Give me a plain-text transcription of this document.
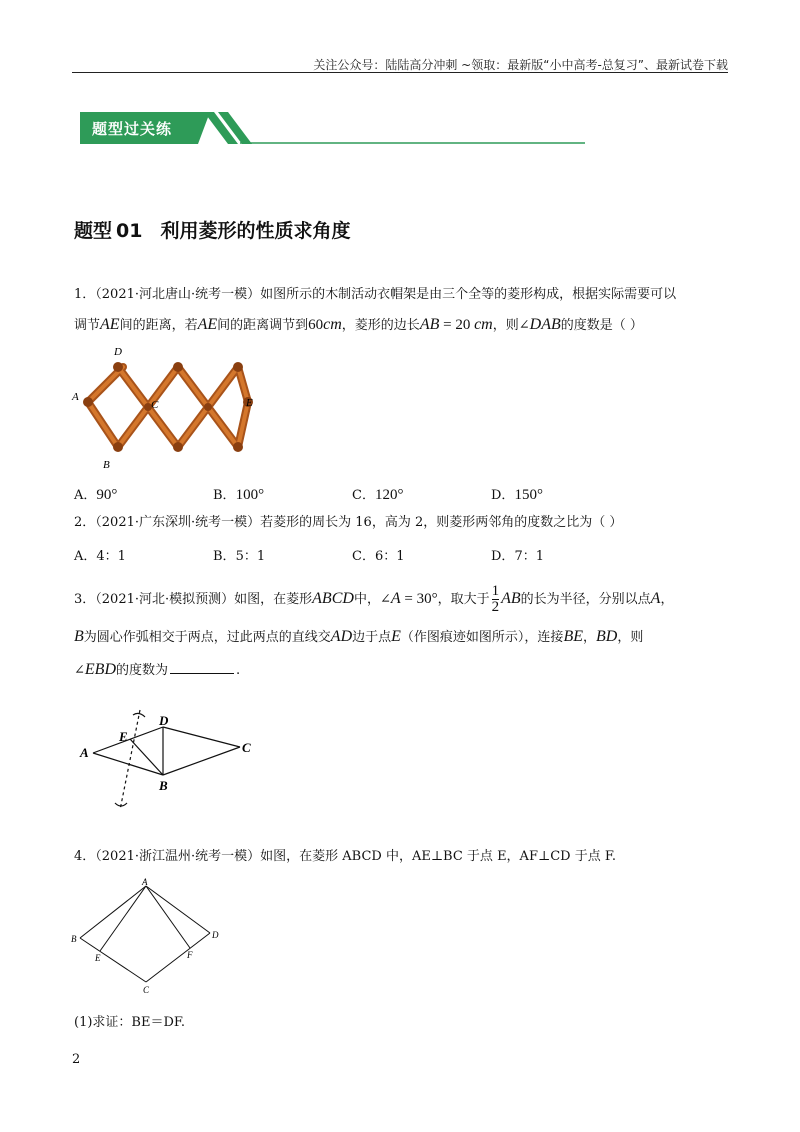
关注公众号：陆陆高分冲刺 ~领取：最新版“小中高考-总复习”、最新试卷下载
题型过关练
题型 01 利用菱形的性质求角度
1．（2021·河北唐山·统考一模）如图所示的木制活动衣帽架是由三个全等的菱形构成，根据实际需要可以
调节AE间的距离，若AE间的距离调节到60cm，菱形的边长AB = 20 cm，则∠DAB的度数是（ ）
D
A
C	E
B
A．90°	B．100°	C．120°	D．150°
2．（2021·广东深圳·统考一模）若菱形的周长为 16，高为 2，则菱形两邻角的度数之比为（ ）
A．4：1	B．5：1	C．6：1	D．7：1
3．（2021·河北·模拟预测）如图，在菱形ABCD中，∠A = 30°，取大于 $\frac{1}{2}$ AB的长为半径，分别以点A，
B为圆心作弧相交于两点，过此两点的直线交AD边于点E（作图痕迹如图所示），连接BE，BD，则
∠EBD的度数为	.
A
E
D
C
B
4．（2021·浙江温州·统考一模）如图，在菱形 ABCD 中，AE⊥BC 于点 E，AF⊥CD 于点 F.
A
B	D
E	F
C
(1)求证：BE＝DF.
2
